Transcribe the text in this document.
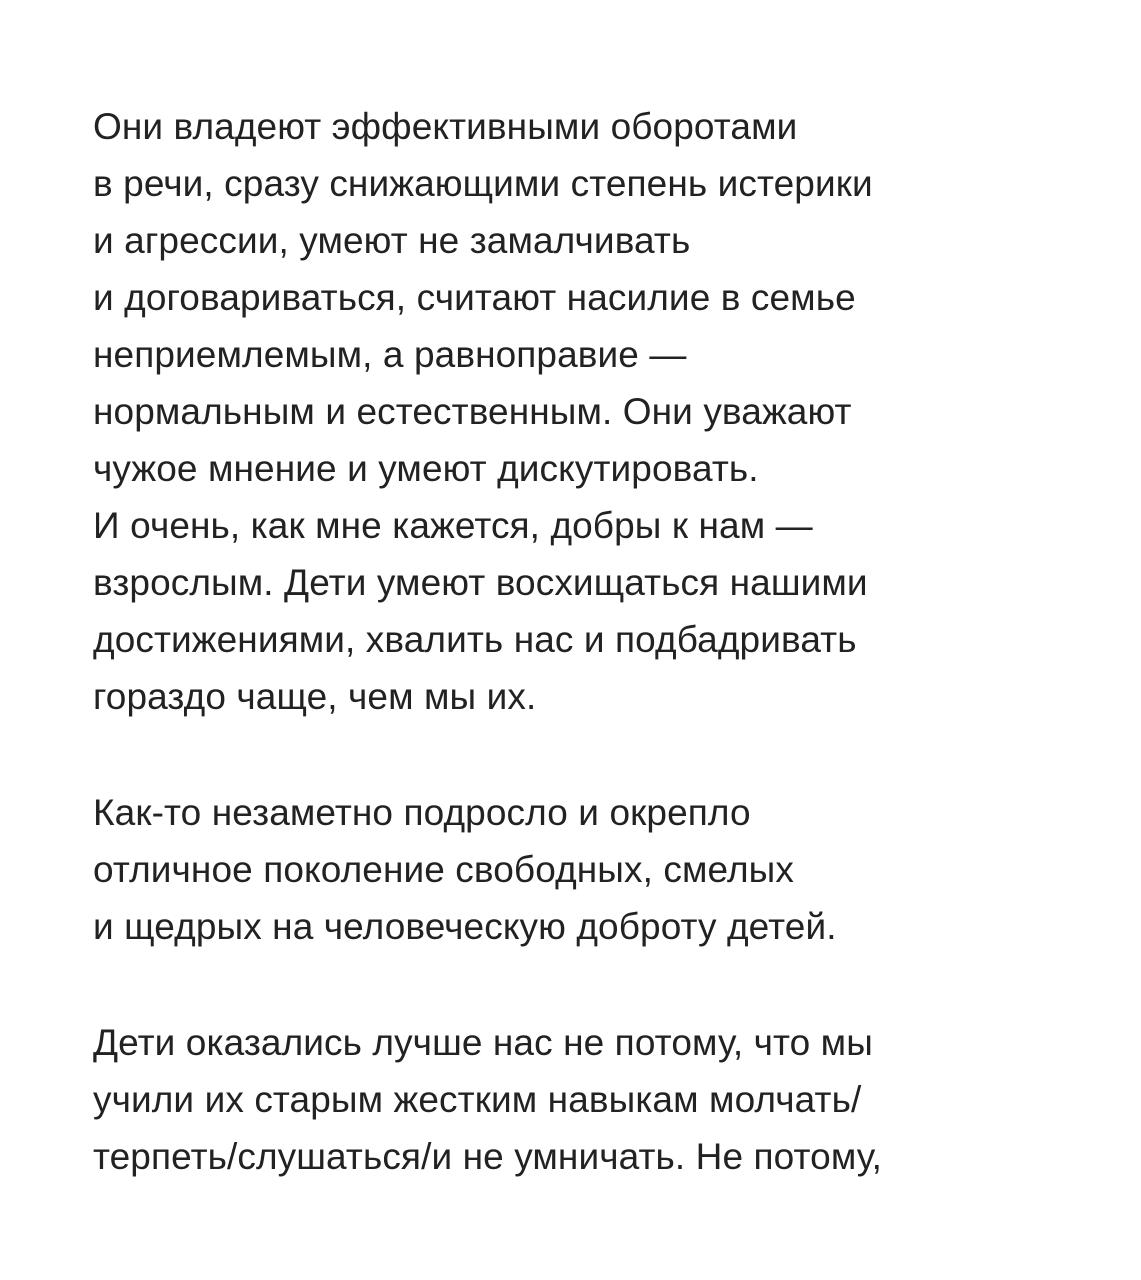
Они владеют эффективными оборотами
в речи, сразу снижающими степень истерики
и агрессии, умеют не замалчивать
и договариваться, считают насилие в семье
неприемлемым, а равноправие —
нормальным и естественным. Они уважают
чужое мнение и умеют дискутировать.
И очень, как мне кажется, добры к нам —
взрослым. Дети умеют восхищаться нашими
достижениями, хвалить нас и подбадривать
гораздо чаще, чем мы их.
Как-то незаметно подросло и окрепло
отличное поколение свободных, смелых
и щедрых на человеческую доброту детей.
Дети оказались лучше нас не потому, что мы
учили их старым жестким навыкам молчать/
терпеть/слушаться/и не умничать. Не потому,
